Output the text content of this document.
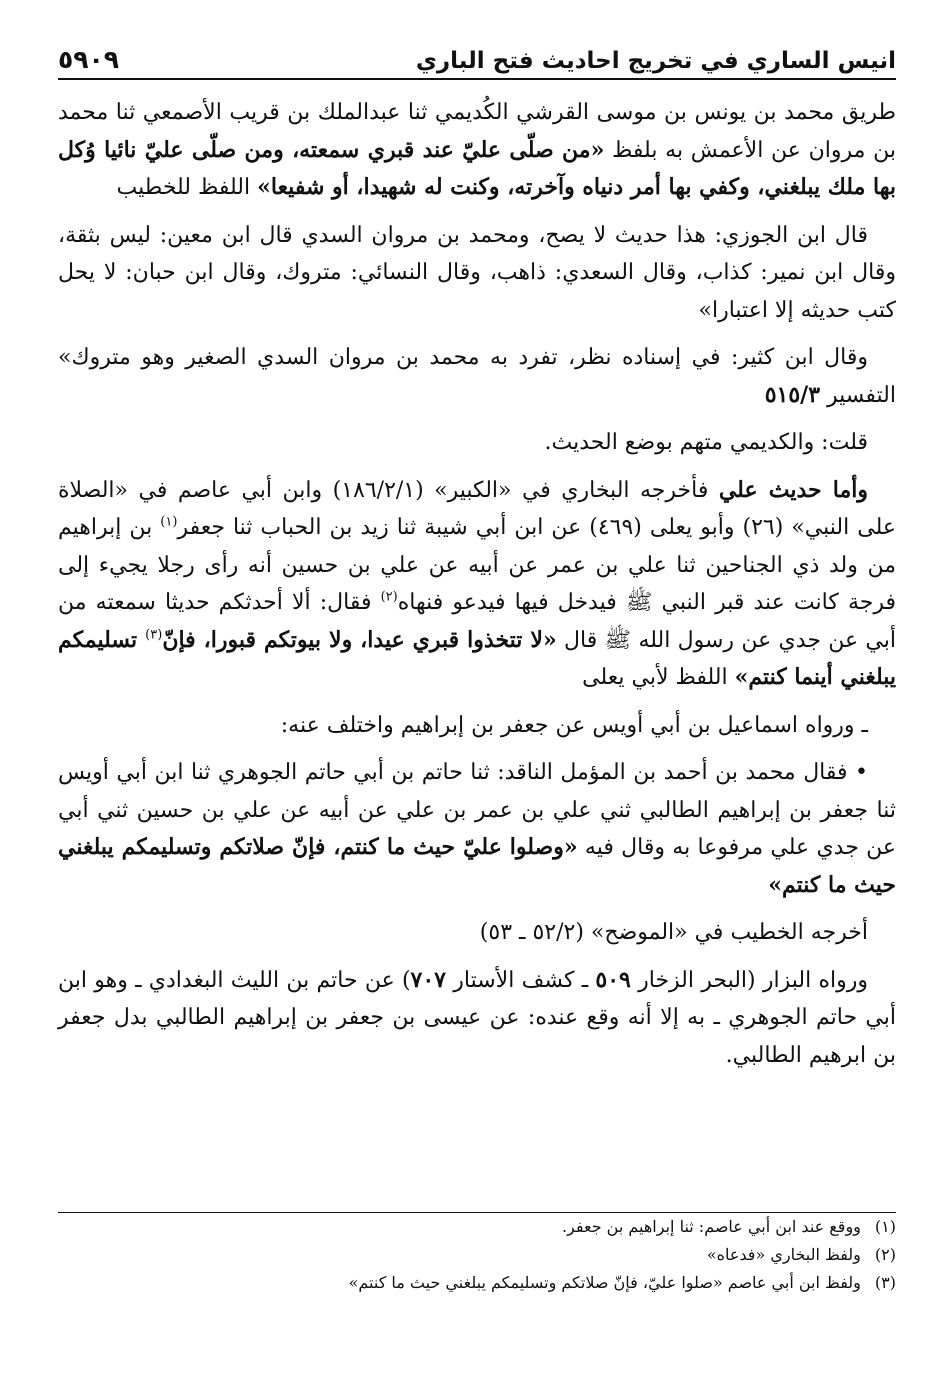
انيس الساري في تخريج احاديث فتح الباري
٥٩٠٩

طريق محمد بن يونس بن موسى القرشي الكُديمي ثنا عبدالملك بن قريب الأصمعي ثنا محمد بن مروان عن الأعمش به بلفظ «من صلّى عليّ عند قبري سمعته، ومن صلّى عليّ نائيا وُكل بها ملك يبلغني، وكفي بها أمر دنياه وآخرته، وكنت له شهيدا، أو شفيعا» اللفظ للخطيب

قال ابن الجوزي: هذا حديث لا يصح، ومحمد بن مروان السدي قال ابن معين: ليس بثقة، وقال ابن نمير: كذاب، وقال السعدي: ذاهب، وقال النسائي: متروك، وقال ابن حبان: لا يحل كتب حديثه إلا اعتبارا»

وقال ابن كثير: في إسناده نظر، تفرد به محمد بن مروان السدي الصغير وهو متروك» التفسير ٥١٥/٣

قلت: والكديمي متهم بوضع الحديث.

وأما حديث علي فأخرجه البخاري في «الكبير» (١٨٦/٢/١) وابن أبي عاصم في «الصلاة على النبي» (٢٦) وأبو يعلى (٤٦٩) عن ابن أبي شيبة ثنا زيد بن الحباب ثنا جعفر$^{(١)}$ بن إبراهيم من ولد ذي الجناحين ثنا علي بن عمر عن أبيه عن علي بن حسين أنه رأى رجلا يجيء إلى فرجة كانت عند قبر النبي ﷺ فيدخل فيها فيدعو فنهاه$^{(٢)}$ فقال: ألا أحدثكم حديثا سمعته من أبي عن جدي عن رسول الله ﷺ قال «لا تتخذوا قبري عيدا، ولا بيوتكم قبورا، فإنّ$^{(٣)}$ تسليمكم يبلغني أينما كنتم» اللفظ لأبي يعلى

ـ ورواه اسماعيل بن أبي أويس عن جعفر بن إبراهيم واختلف عنه:

• فقال محمد بن أحمد بن المؤمل الناقد: ثنا حاتم بن أبي حاتم الجوهري ثنا ابن أبي أويس ثنا جعفر بن إبراهيم الطالبي ثني علي بن عمر بن علي عن أبيه عن علي بن حسين ثني أبي عن جدي علي مرفوعا به وقال فيه «وصلوا عليّ حيث ما كنتم، فإنّ صلاتكم وتسليمكم يبلغني حيث ما كنتم»

أخرجه الخطيب في «الموضح» (٥٢/٢ ـ ٥٣)

ورواه البزار (البحر الزخار ٥٠٩ ـ كشف الأستار ٧٠٧) عن حاتم بن الليث البغدادي ـ وهو ابن أبي حاتم الجوهري ـ به إلا أنه وقع عنده: عن عيسى بن جعفر بن إبراهيم الطالبي بدل جعفر بن ابرهيم الطالبي.

(١)
ووقع عند ابن أبي عاصم: ثنا إبراهيم بن جعفر.
(٢)
ولفظ البخاري «فدعاه»
(٣)
ولفظ ابن أبي عاصم «صلوا عليّ، فإنّ صلاتكم وتسليمكم يبلغني حيث ما كنتم»
